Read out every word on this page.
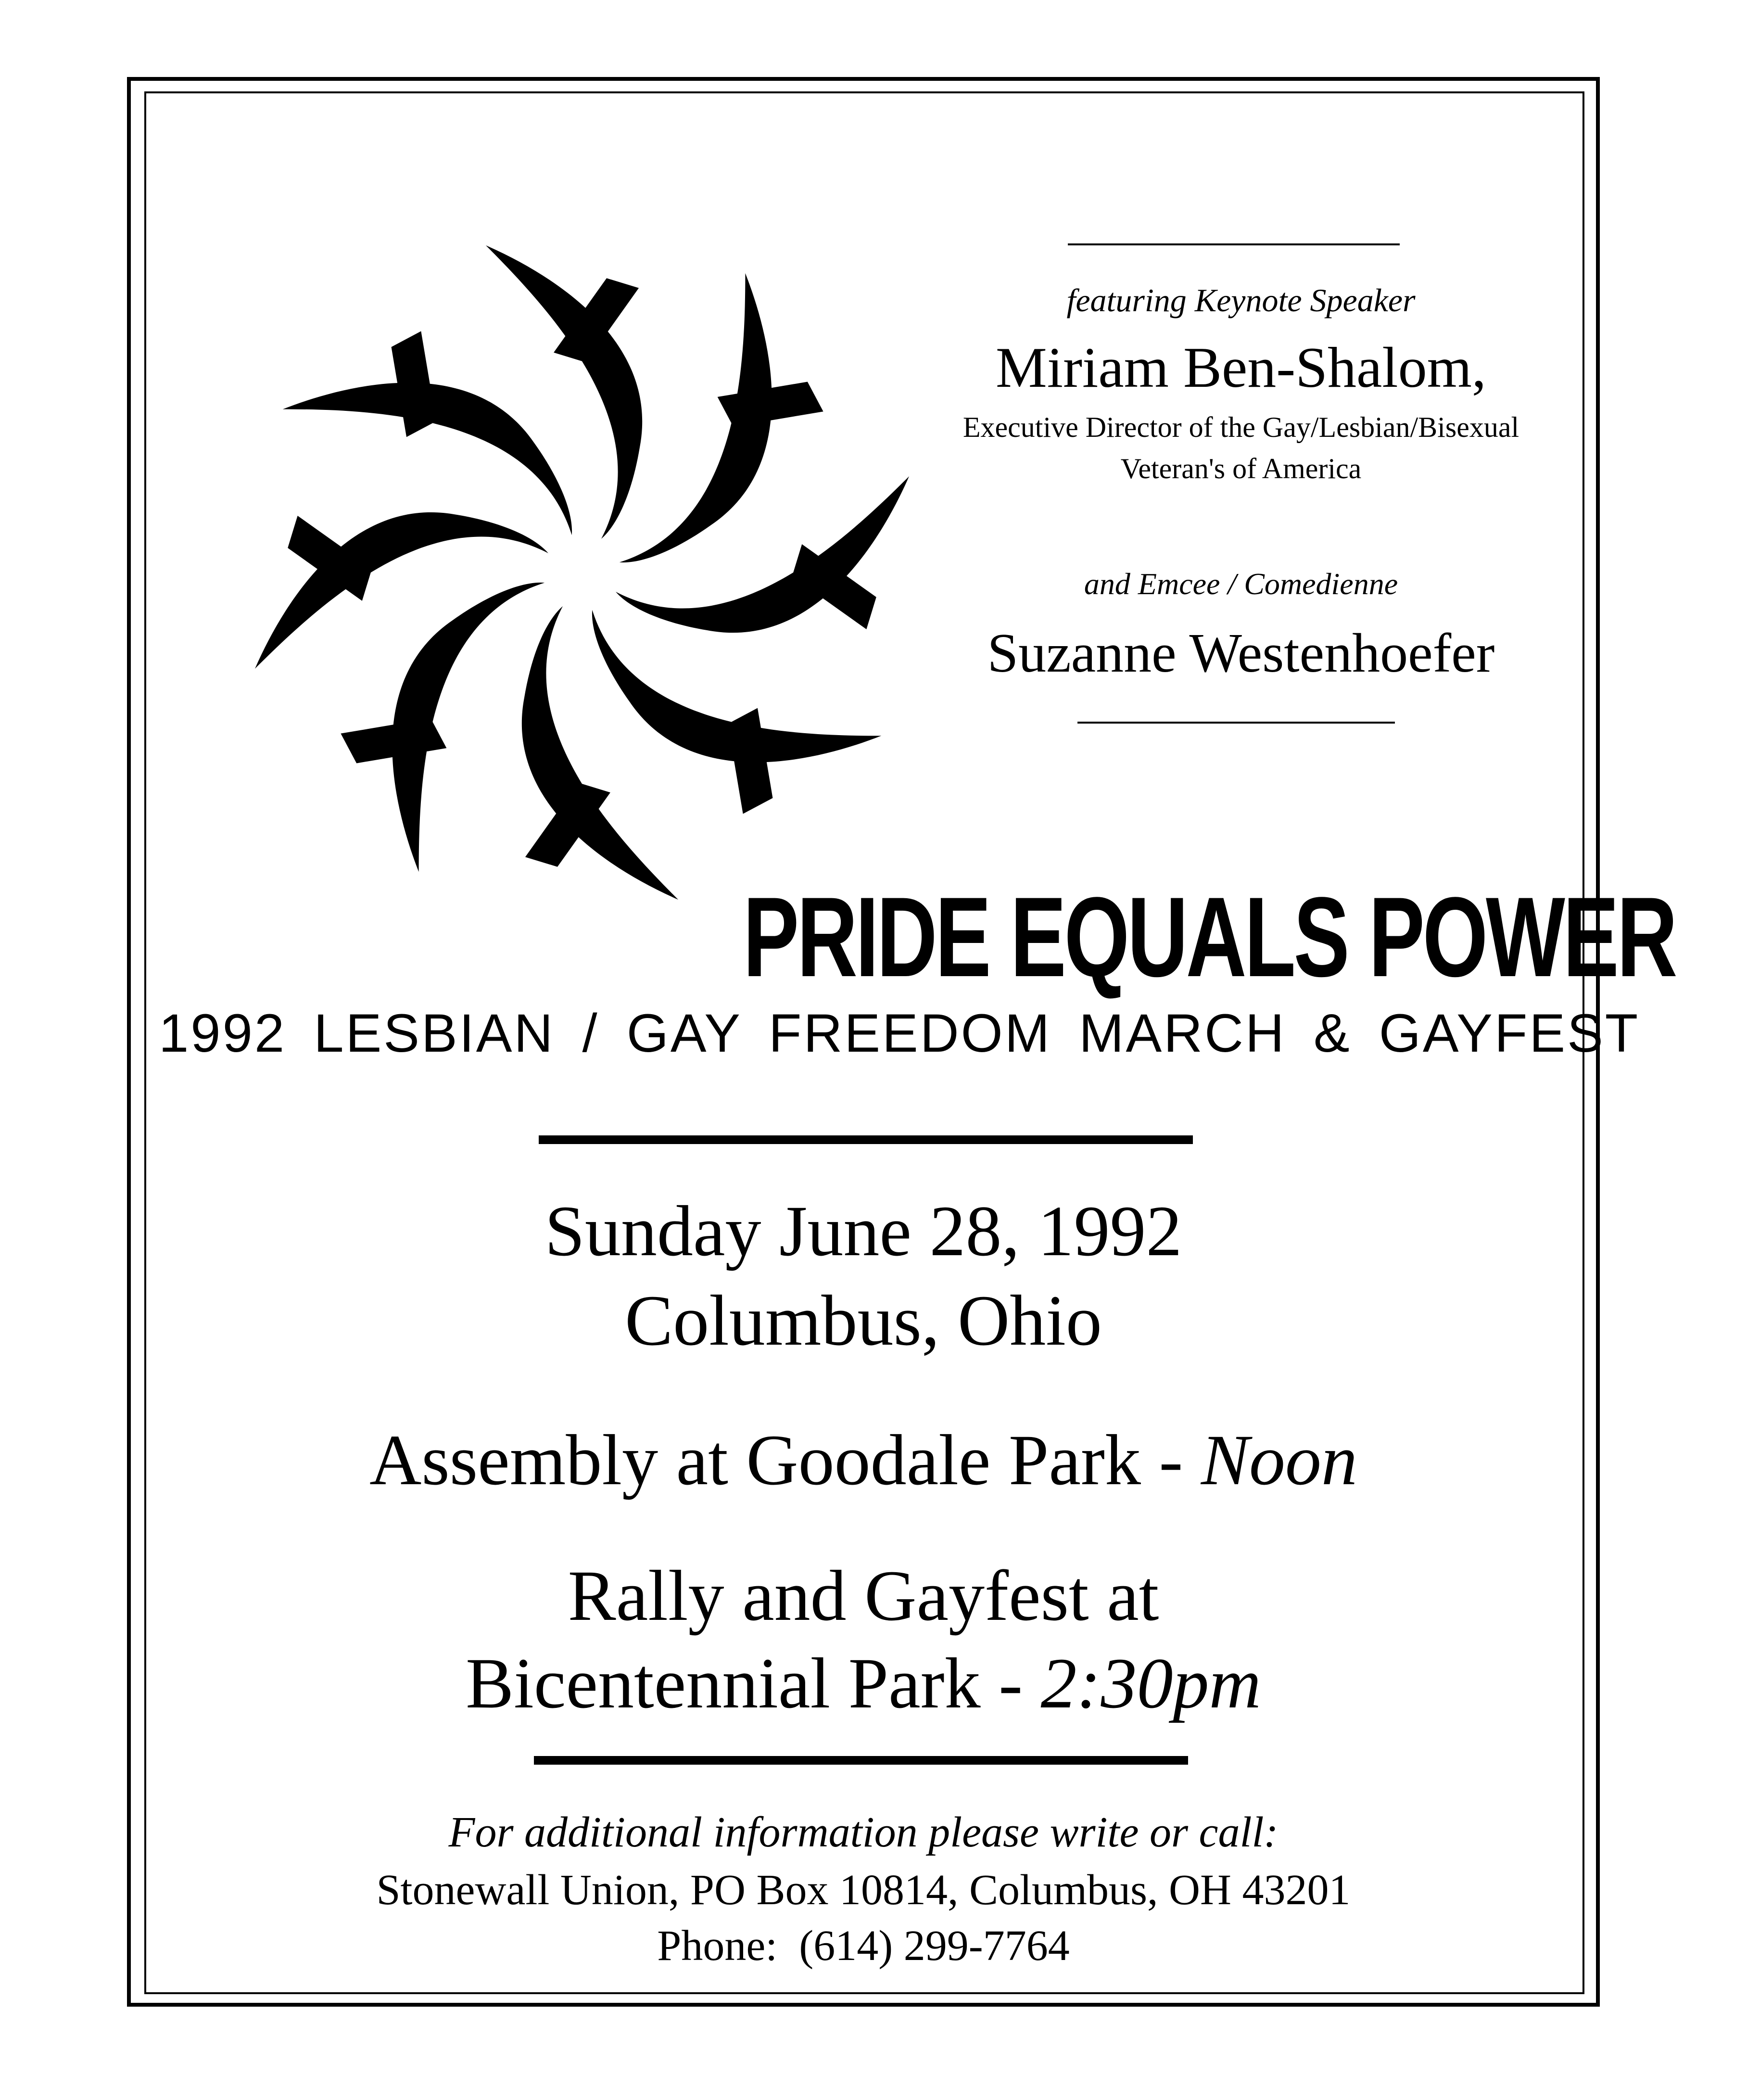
featuring Keynote Speaker
Miriam Ben-Shalom,
Executive Director of the Gay/Lesbian/Bisexual
Veteran's of America
and Emcee / Comedienne
Suzanne Westenhoefer
PRIDE EQUALS POWER
1992 LESBIAN / GAY FREEDOM MARCH & GAYFEST
Sunday June 28, 1992
Columbus, Ohio
Assembly at Goodale Park - Noon
Rally and Gayfest at
Bicentennial Park - 2:30pm
For additional information please write or call:
Stonewall Union, PO Box 10814, Columbus, OH 43201
Phone:  (614) 299-7764
